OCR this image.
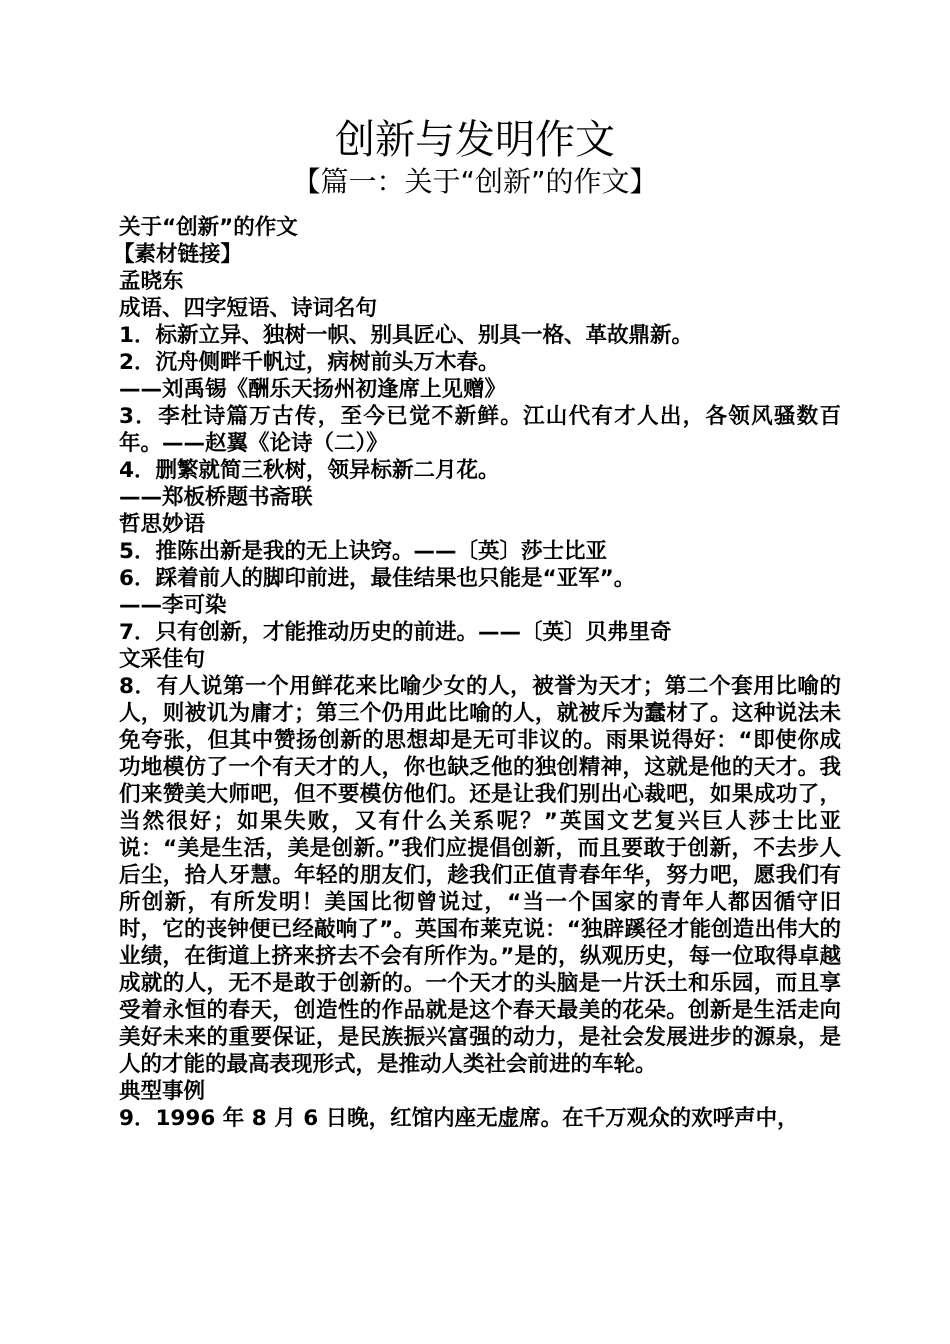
创新与发明作文
【篇一：关于“创新”的作文】

关于“创新”的作文

【素材链接】

孟晓东

成语、四字短语、诗词名句

1．标新立异、独树一帜、别具匠心、别具一格、革故鼎新。

2．沉舟侧畔千帆过，病树前头万木春。

——刘禹锡《酬乐天扬州初逢席上见赠》

3．李杜诗篇万古传，至今已觉不新鲜。江山代有才人出，各领风骚数百年。——赵翼《论诗（二）》

4．删繁就简三秋树，领异标新二月花。

——郑板桥题书斋联

哲思妙语

5．推陈出新是我的无上诀窍。——〔英〕莎士比亚

6．踩着前人的脚印前进，最佳结果也只能是“亚军”。

——李可染

7．只有创新，才能推动历史的前进。——〔英〕贝弗里奇

文采佳句

8．有人说第一个用鲜花来比喻少女的人，被誉为天才；第二个套用比喻的人，则被讥为庸才；第三个仍用此比喻的人，就被斥为蠢材了。这种说法未免夸张，但其中赞扬创新的思想却是无可非议的。雨果说得好：“即使你成功地模仿了一个有天才的人，你也缺乏他的独创精神，这就是他的天才。我们来赞美大师吧，但不要模仿他们。还是让我们别出心裁吧，如果成功了，当然很好；如果失败，又有什么关系呢？”英国文艺复兴巨人莎士比亚说：“美是生活，美是创新。”我们应提倡创新，而且要敢于创新，不去步人后尘，拾人牙慧。年轻的朋友们，趁我们正值青春年华，努力吧，愿我们有所创新，有所发明！美国比彻曾说过，“当一个国家的青年人都因循守旧时，它的丧钟便已经敲响了”。英国布莱克说：“独辟蹊径才能创造出伟大的业绩，在街道上挤来挤去不会有所作为。”是的，纵观历史，每一位取得卓越成就的人，无不是敢于创新的。一个天才的头脑是一片沃土和乐园，而且享受着永恒的春天，创造性的作品就是这个春天最美的花朵。创新是生活走向美好未来的重要保证，是民族振兴富强的动力，是社会发展进步的源泉，是人的才能的最高表现形式，是推动人类社会前进的车轮。

典型事例

9．1996 年 8 月 6 日晚，红馆内座无虚席。在千万观众的欢呼声中，
